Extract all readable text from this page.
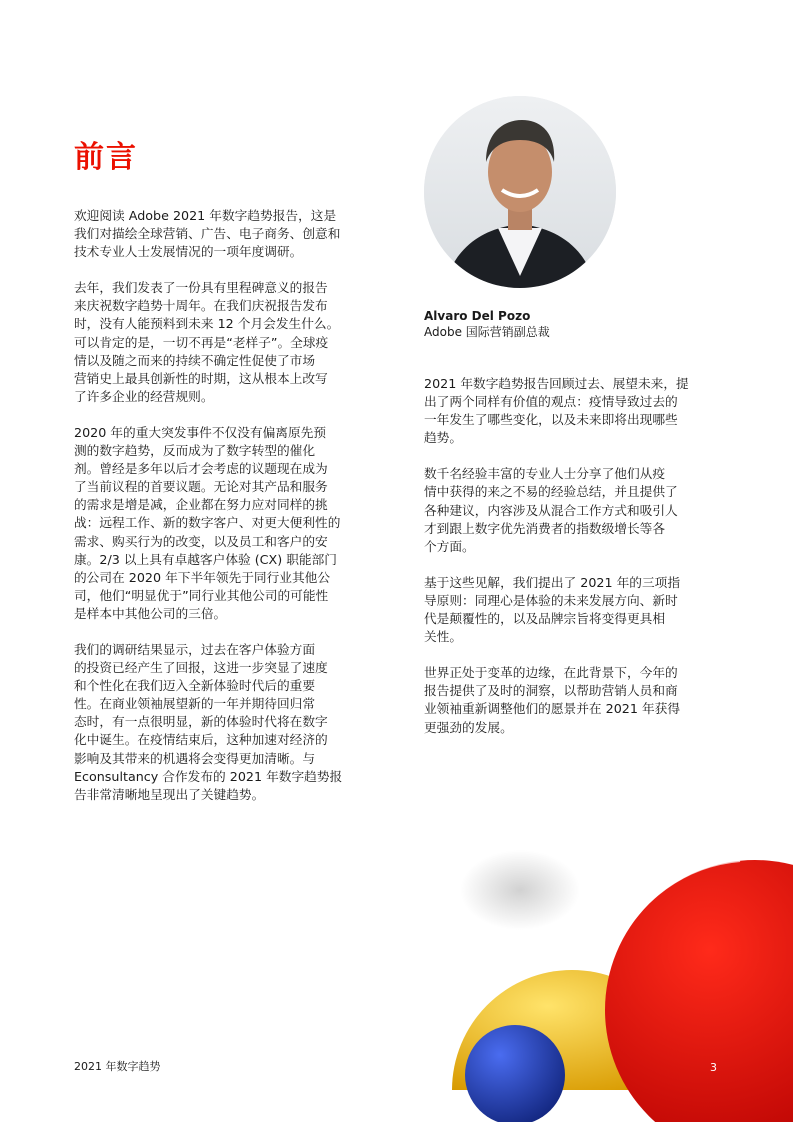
前言

欢迎阅读 Adobe 2021 年数字趋势报告，这是
我们对描绘全球营销、广告、电子商务、创意和
技术专业人士发展情况的一项年度调研。

去年，我们发表了一份具有里程碑意义的报告
来庆祝数字趋势十周年。在我们庆祝报告发布
时，没有人能预料到未来 12 个月会发生什么。
可以肯定的是，一切不再是“老样子”。全球疫
情以及随之而来的持续不确定性促使了市场
营销史上最具创新性的时期，这从根本上改写
了许多企业的经营规则。

2020 年的重大突发事件不仅没有偏离原先预
测的数字趋势，反而成为了数字转型的催化
剂。曾经是多年以后才会考虑的议题现在成为
了当前议程的首要议题。无论对其产品和服务
的需求是增是减，企业都在努力应对同样的挑
战：远程工作、新的数字客户、对更大便利性的
需求、购买行为的改变，以及员工和客户的安
康。2/3 以上具有卓越客户体验 (CX) 职能部门
的公司在 2020 年下半年领先于同行业其他公
司，他们“明显优于”同行业其他公司的可能性
是样本中其他公司的三倍。

我们的调研结果显示，过去在客户体验方面
的投资已经产生了回报，这进一步突显了速度
和个性化在我们迈入全新体验时代后的重要
性。在商业领袖展望新的一年并期待回归常
态时，有一点很明显，新的体验时代将在数字
化中诞生。在疫情结束后，这种加速对经济的
影响及其带来的机遇将会变得更加清晰。与
Econsultancy 合作发布的 2021 年数字趋势报
告非常清晰地呈现出了关键趋势。

Alvaro Del Pozo
Adobe 国际营销副总裁

2021 年数字趋势报告回顾过去、展望未来，提
出了两个同样有价值的观点：疫情导致过去的
一年发生了哪些变化，以及未来即将出现哪些
趋势。

数千名经验丰富的专业人士分享了他们从疫
情中获得的来之不易的经验总结，并且提供了
各种建议，内容涉及从混合工作方式和吸引人
才到跟上数字优先消费者的指数级增长等各
个方面。

基于这些见解，我们提出了 2021 年的三项指
导原则：同理心是体验的未来发展方向、新时
代是颠覆性的，以及品牌宗旨将变得更具相
关性。

世界正处于变革的边缘，在此背景下，今年的
报告提供了及时的洞察，以帮助营销人员和商
业领袖重新调整他们的愿景并在 2021 年获得
更强劲的发展。

2021 年数字趋势	3
